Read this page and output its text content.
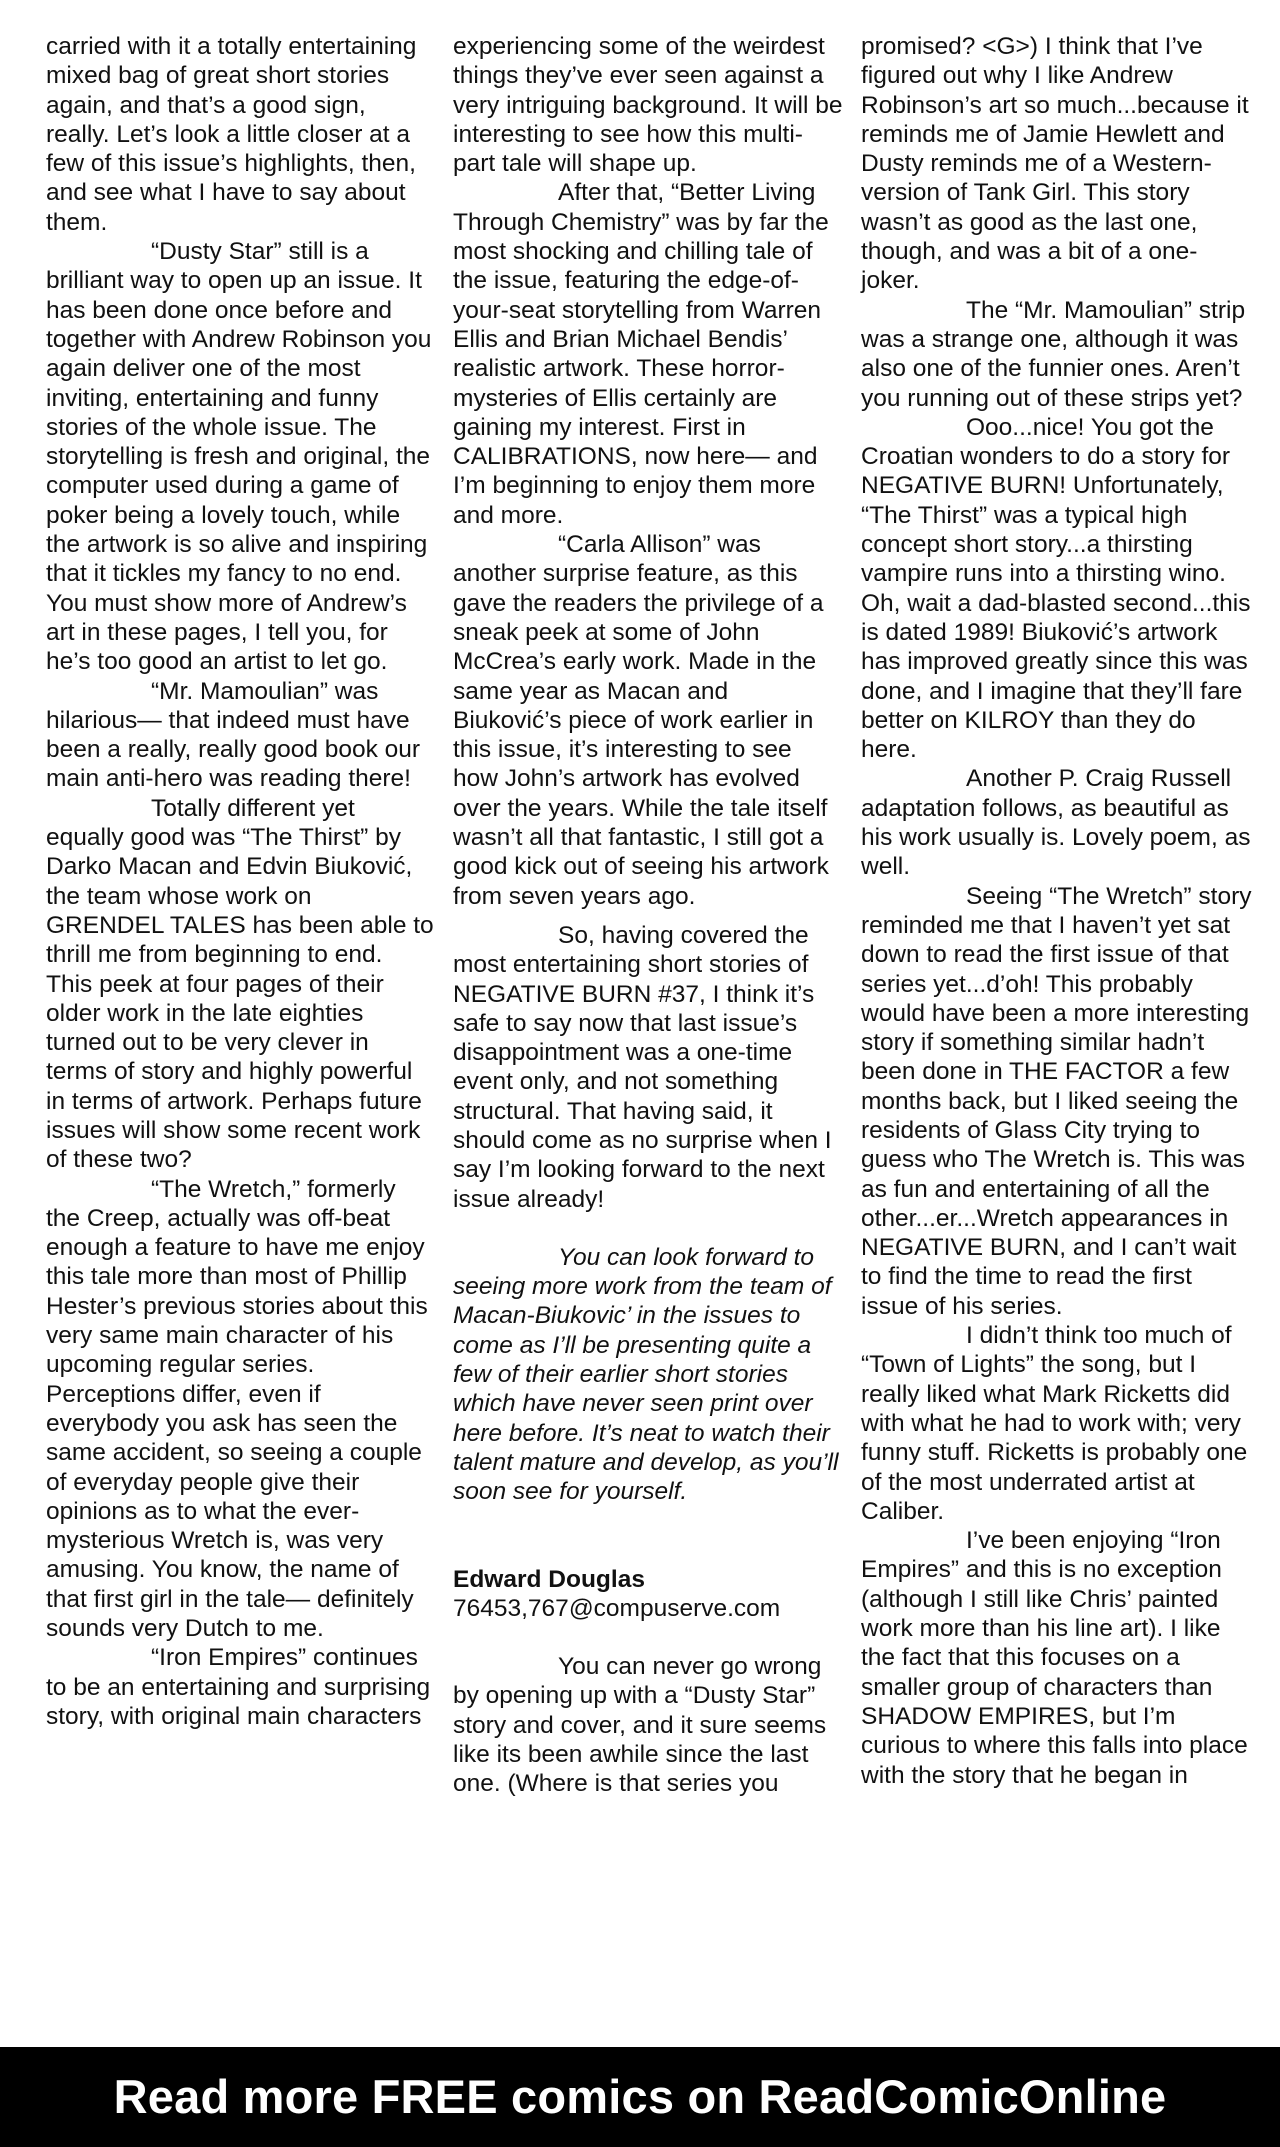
carried with it a totally entertaining mixed bag of great short stories again, and that’s a good sign, really. Let’s look a little closer at a few of this issue’s highlights, then, and see what I have to say about them.

“Dusty Star” still is a brilliant way to open up an issue. It has been done once before and together with Andrew Robinson you again deliver one of the most inviting, entertaining and funny stories of the whole issue. The storytelling is fresh and original, the computer used during a game of poker being a lovely touch, while the artwork is so alive and inspiring that it tickles my fancy to no end. You must show more of Andrew’s art in these pages, I tell you, for he’s too good an artist to let go.

“Mr. Mamoulian” was hilarious— that indeed must have been a really, really good book our main anti-hero was reading there!

Totally different yet equally good was “The Thirst” by Darko Macan and Edvin Biuković, the team whose work on GRENDEL TALES has been able to thrill me from beginning to end. This peek at four pages of their older work in the late eighties turned out to be very clever in terms of story and highly powerful in terms of artwork. Perhaps future issues will show some recent work of these two?

“The Wretch,” formerly the Creep, actually was off-beat enough a feature to have me enjoy this tale more than most of Phillip Hester’s previous stories about this very same main character of his upcoming regular series. Perceptions differ, even if everybody you ask has seen the same accident, so seeing a couple of everyday people give their opinions as to what the ever-mysterious Wretch is, was very amusing. You know, the name of that first girl in the tale— definitely sounds very Dutch to me.

“Iron Empires” continues to be an entertaining and surprising story, with original main characters

experiencing some of the weirdest things they’ve ever seen against a very intriguing background. It will be interesting to see how this multi-part tale will shape up.

After that, “Better Living Through Chemistry” was by far the most shocking and chilling tale of the issue, featuring the edge-of-your-seat storytelling from Warren Ellis and Brian Michael Bendis’ realistic artwork. These horror-mysteries of Ellis certainly are gaining my interest. First in CALIBRATIONS, now here— and I’m beginning to enjoy them more and more.

“Carla Allison” was another surprise feature, as this gave the readers the privilege of a sneak peek at some of John McCrea’s early work. Made in the same year as Macan and Biuković’s piece of work earlier in this issue, it’s interesting to see how John’s artwork has evolved over the years. While the tale itself wasn’t all that fantastic, I still got a good kick out of seeing his artwork from seven years ago.

So, having covered the most entertaining short stories of NEGATIVE BURN #37, I think it’s safe to say now that last issue’s disappointment was a one-time event only, and not something structural. That having said, it should come as no surprise when I say I’m looking forward to the next issue already!

You can look forward to seeing more work from the team of Macan-Biukovic’ in the issues to come as I’ll be presenting quite a few of their earlier short stories which have never seen print over here before. It’s neat to watch their talent mature and develop, as you’ll soon see for yourself.

Edward Douglas
76453,767@compuserve.com

You can never go wrong by opening up with a “Dusty Star” story and cover, and it sure seems like its been awhile since the last one. (Where is that series you

promised? <G>) I think that I’ve figured out why I like Andrew Robinson’s art so much...because it reminds me of Jamie Hewlett and Dusty reminds me of a Western-version of Tank Girl. This story wasn’t as good as the last one, though, and was a bit of a one-joker.

The “Mr. Mamoulian” strip was a strange one, although it was also one of the funnier ones. Aren’t you running out of these strips yet?

Ooo...nice! You got the Croatian wonders to do a story for NEGATIVE BURN! Unfortunately, “The Thirst” was a typical high concept short story...a thirsting vampire runs into a thirsting wino. Oh, wait a dad-blasted second...this is dated 1989! Biuković’s artwork has improved greatly since this was done, and I imagine that they’ll fare better on KILROY than they do here.

Another P. Craig Russell adaptation follows, as beautiful as his work usually is. Lovely poem, as well.

Seeing “The Wretch” story reminded me that I haven’t yet sat down to read the first issue of that series yet...d’oh! This probably would have been a more interesting story if something similar hadn’t been done in THE FACTOR a few months back, but I liked seeing the residents of Glass City trying to guess who The Wretch is. This was as fun and entertaining of all the other...er...Wretch appearances in NEGATIVE BURN, and I can’t wait to find the time to read the first issue of his series.

I didn’t think too much of “Town of Lights” the song, but I really liked what Mark Ricketts did with what he had to work with; very funny stuff. Ricketts is probably one of the most underrated artist at Caliber.

I’ve been enjoying “Iron Empires” and this is no exception (although I still like Chris’ painted work more than his line art). I like the fact that this focuses on a smaller group of characters than SHADOW EMPIRES, but I’m curious to where this falls into place with the story that he began in

Read more FREE comics on ReadComicOnline
